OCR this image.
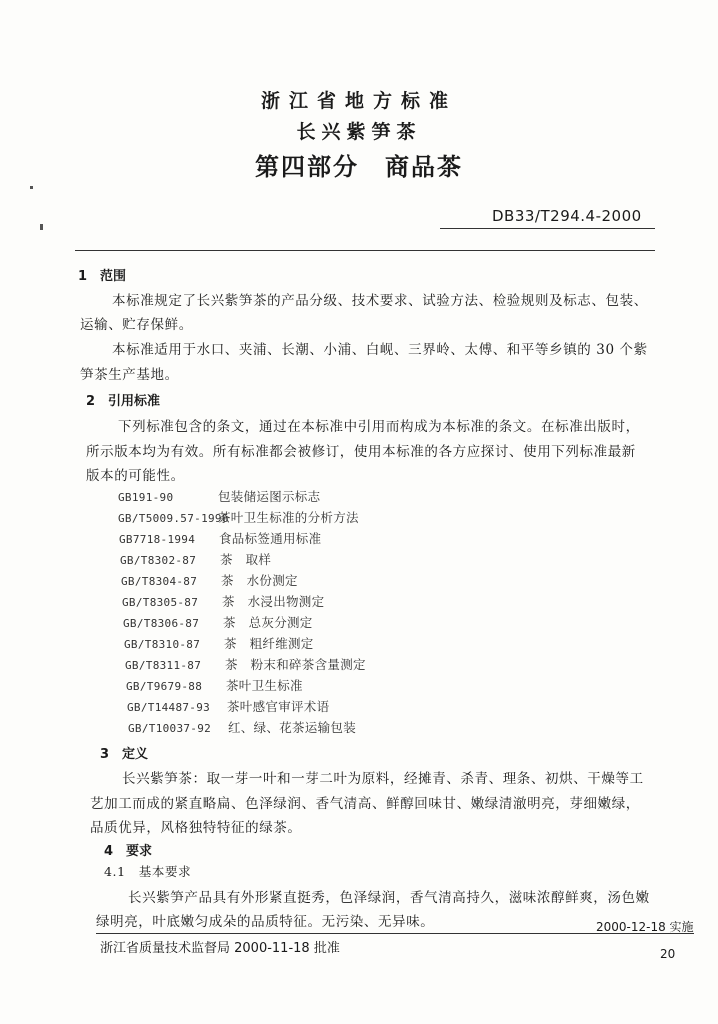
浙江省地方标准
长兴紫笋茶
第四部分　商品茶
DB33/T294.4-2000
1　范围
本标准规定了长兴紫笋茶的产品分级、技术要求、试验方法、检验规则及标志、包装、
运输、贮存保鲜。
本标准适用于水口、夹浦、长潮、小浦、白岘、三界岭、太傅、和平等乡镇的 30 个紫
笋茶生产基地。
2　引用标准
下列标准包含的条文，通过在本标准中引用而构成为本标准的条文。在标准出版时，
所示版本均为有效。所有标准都会被修订，使用本标准的各方应探讨、使用下列标准最新
版本的可能性。
GB191-90	包装储运图示标志
GB/T5009.57-1996茶叶卫生标准的分析方法
GB7718-1994 食品标签通用标准
GB/T8302-87 茶　取样
GB/T8304-87 茶　水份测定
GB/T8305-87 茶　水浸出物测定
GB/T8306-87 茶　总灰分测定
GB/T8310-87 茶　粗纤维测定
GB/T8311-87 茶　粉末和碎茶含量测定
GB/T9679-88 茶叶卫生标准
GB/T14487-93 茶叶感官审评术语
GB/T10037-92 红、绿、花茶运输包装
3　定义
长兴紫笋茶：取一芽一叶和一芽二叶为原料，经摊青、杀青、理条、初烘、干燥等工
艺加工而成的紧直略扁、色泽绿润、香气清高、鲜醇回味甘、嫩绿清澈明亮，芽细嫩绿，
品质优异，风格独特特征的绿茶。
4　要求
4.1　基本要求
长兴紫笋产品具有外形紧直挺秀，色泽绿润，香气清高持久，滋味浓醇鲜爽，汤色嫩
绿明亮，叶底嫩匀成朵的品质特征。无污染、无异味。	2000-12-18 实施
浙江省质量技术监督局 2000-11-18 批准	20
